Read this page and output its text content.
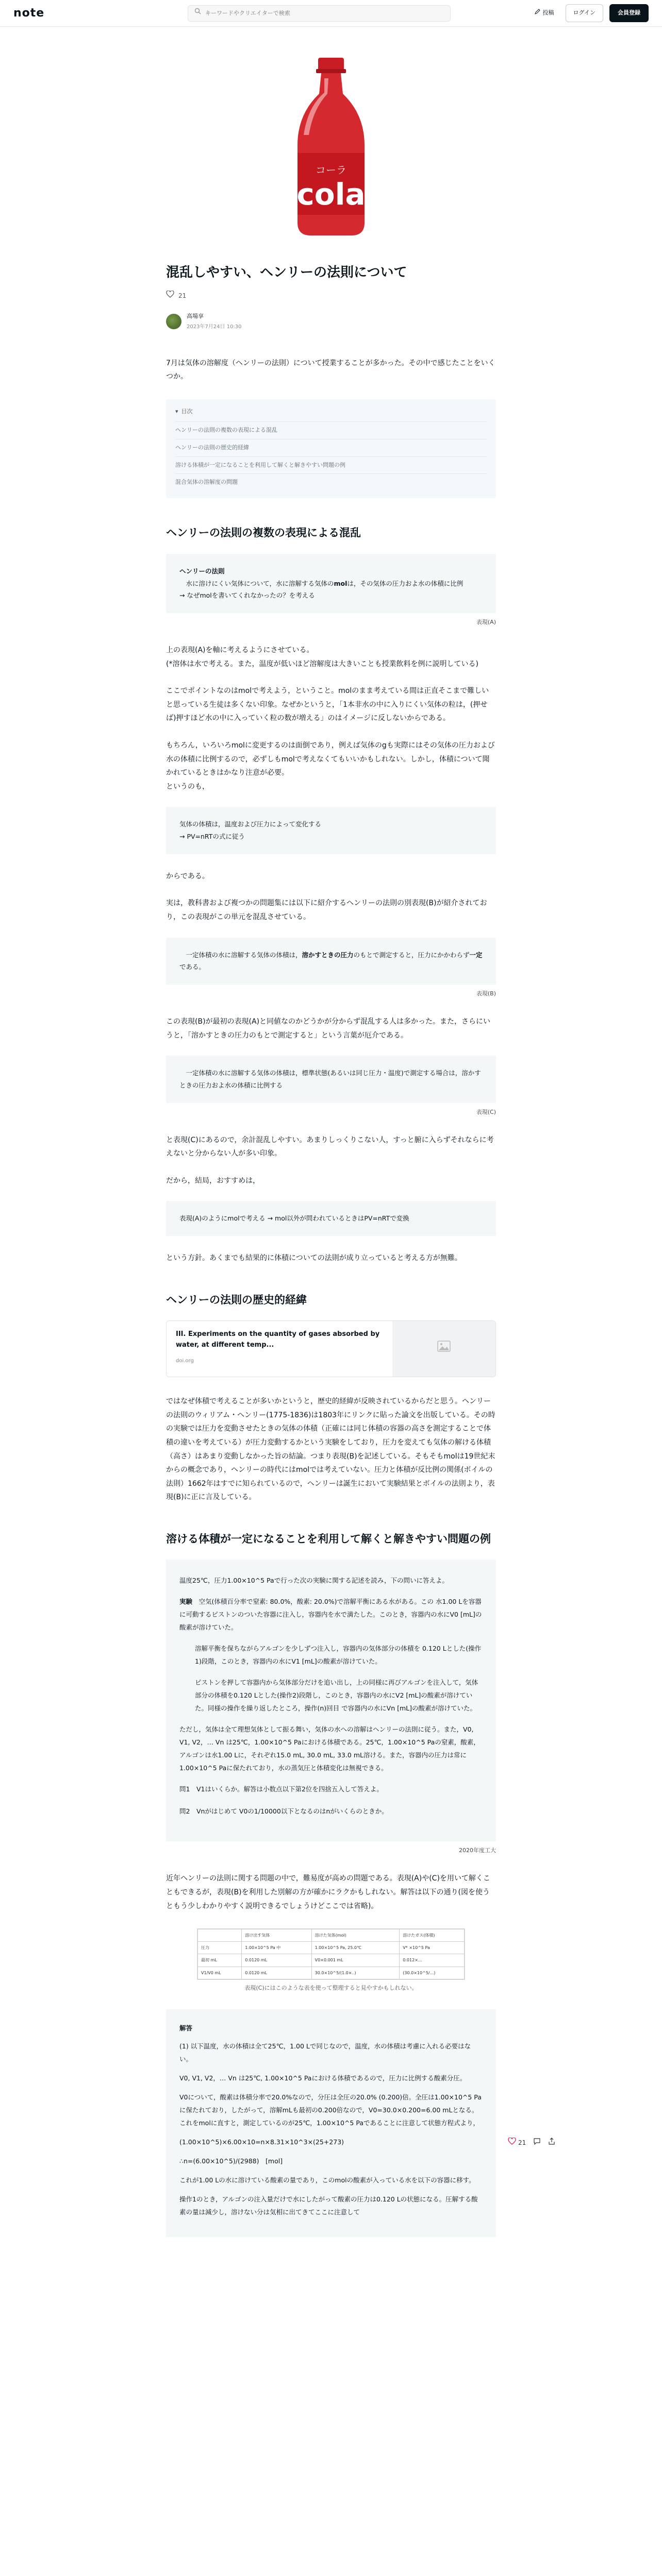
note
キーワードやクリエイターで検索	投稿	ログイン	会員登録
コーラ
cola
混乱しやすい、ヘンリーの法則について
21
高場享
2023年7月24日 10:30

7月は気体の溶解度（ヘンリーの法則）について授業することが多かった。その中で感じたことをいくつか。

▾ 目次
ヘンリーの法則の複数の表現による混乱
ヘンリーの法則の歴史的経緯
溶ける体積が一定になることを利用して解くと解きやすい問題の例
混合気体の溶解度の問題
ヘンリーの法則の複数の表現による混乱
ヘンリーの法則
 水に溶けにくい気体について，水に溶解する気体のmolは，その気体の圧力およ水の体積に比例
→ なぜmolを書いてくれなかったの？を考える
表現(A)

上の表現(A)を軸に考えるようにさせている。
(*溶体は水で考える。また，温度が低いほど溶解度は大きいことも授業飲料を例に説明している)

ここでポイントなのはmolで考えよう，ということ。molのまま考えている間は正直そこまで難しいと思っている生徒は多くない印象。なぜかというと，「1本非水の中に入りにくい気体の粒は，(押せば)押すほど水の中に入っていく粒の数が増える」のはイメージに反しないからである。

もちろん，いろいろmolに変更するのは面倒であり，例えば気体のgも実際にはその気体の圧力および水の体積に比例するので，必ずしもmolで考えなくてもいいかもしれない。しかし，体積について聞かれているときはかなり注意が必要。
というのも，

気体の体積は，温度および圧力によって変化する
→ PV=nRTの式に従う

からである。

実は，教科書および複つかの問題集には以下に紹介するヘンリーの法則の別表現(B)が紹介されており，この表現がこの単元を混乱させている。

 一定体積の水に溶解する気体の体積は，溶かすときの圧力のもとで測定すると，圧力にかかわらず一定である。
表現(B)

この表現(B)が最初の表現(A)と同値なのかどうかが分からず混乱する人は多かった。また，さらにいうと，「溶かすときの圧力のもとで測定すると」という言葉が厄介である。

 一定体積の水に溶解する気体の体積は，標準状態(あるいは同じ圧力・温度)で測定する場合は，溶かすときの圧力およ水の体積に比例する
表現(C)

と表現(C)にあるので，余計混乱しやすい。あまりしっくりこない人，すっと腑に入らずそれならに考えないと分からない人が多い印象。

だから，結局，おすすめは，

表現(A)のようにmolで考える → mol以外が問われているときはPV=nRTで変換

という方針。あくまでも結果的に体積についての法則が成り立っていると考える方が無難。

ヘンリーの法則の歴史的経緯
III. Experiments on the quantity of gases absorbed by water, at different temp...
doi.org

ではなぜ体積で考えることが多いかというと，歴史的経緯が反映されているからだと思う。ヘンリーの法則のウィリアム・ヘンリー(1775-1836)は1803年にリンクに貼った論文を出版している。その時の実験では圧力を変動させたときの気体の体積（正確には同じ体積の容器の高さを測定することで体積の違いを考えている）が圧力変動するかという実験をしており，圧力を変えても気体の解ける体積（高さ）はあまり変動しなかった旨の結論。つまり表現(B)を記述している。そもそもmolは19世紀末からの概念であり，ヘンリーの時代にはmolでは考えていない。圧力と体積が反比例の関係(ボイルの法則）1662年はすでに知られているので，ヘンリーは誕生において実験結果とボイルの法則より，表現(B)に正に言及している。

溶ける体積が一定になることを利用して解くと解きやすい問題の例

温度25℃，圧力1.00×10^5 Paで行った次の実験に関する記述を読み，下の問いに答えよ。

実験  空気(体積百分率で窒素: 80.0%，酸素: 20.0%)で溶解平衡にある水がある。この 水1.00 Lを容器に可動するピストンのついた容器に注入し，容器内を水で満たした。このとき，容器内の水にV0 [mL]の酸素が溶けていた。

溶解平衡を保ちながらアルゴンを少しずつ注入し，容器内の気体部分の体積を 0.120 Lとした(操作1)段階，このとき，容器内の水にV1 [mL]の酸素が溶けていた。

ピストンを押して容器内から気体部分だけを追い出し，上の同様に再びアルゴンを注入して，気体部分の体積を0.120 Lとした(操作2)段階し，このとき，容器内の水にV2 [mL]の酸素が溶けていた。同様の操作を繰り返したところ，操作(n)回目 で容器内の水にVn [mL]の酸素が溶けていた。

ただし，気体は全て理想気体として振る舞い，気体の水への溶解はヘンリーの法則に従う。また，V0, V1, V2，… Vn は25℃，1.00×10^5 Paにおける体積である。25℃，1.00×10^5 Paの窒素，酸素，アルゴンは水1.00 Lに，それぞれ15.0 mL, 30.0 mL, 33.0 mL溶ける。また，容器内の圧力は常に1.00×10^5 Paに保たれており，水の蒸気圧と体積変化は無視できる。

問1  V1はいくらか。解答は小数点以下第2位を四捨五入して答えよ。

問2  Vnがはじめて V0の1/10000以下となるのはnがいくらのときか。

2020年度工大

近年ヘンリーの法則に関する問題の中で，難易度が高めの問題である。表現(A)や(C)を用いて解くこともできるが，表現(B)を利用した別解の方が確かにラクかもしれない。解答は以下の通り(図を使うともう少しわかりやすく説明できるでしょうけどここでは省略)。

	溶け出す気体	溶けた気体(mol)	溶けたガス(体積)
圧力	1.00×10^5 Pa 中	1.00×10^5 Pa, 25.0℃	V* ×10^5 Pa
最初 mL	0.0120 mL	V0×0.001 mL	0.012×...
V1/V0 mL	0.0120 mL	30.0×10^5/(1.0×..)	(30.0×10^5/...)
表現(C)にはこのような表を使って整理すると見やすかもしれない。
解答

(1) 以下温度，水の体積は全て25℃，1.00 Lで同じなので，温度，水の体積は考慮に入れる必要はない。

V0, V1, V2，… Vn は25℃, 1.00×10^5 Paにおける体積であるので，圧力に比例する酸素分圧。

V0について，酸素は体積分率で20.0%なので，分圧は全圧の20.0% (0.200)倍。全圧は1.00×10^5 Paに保たれており，したがって，溶解mLも最初の0.200倍なので，V0=30.0×0.200=6.00 mLとなる。これをmolに直すと，測定しているのが25℃，1.00×10^5 Paであることに注意して状態方程式より，

(1.00×10^5)×6.00×10=n×8.31×10^3×(25+273)

∴n=(6.00×10^5)/(2988)　[mol]

これが1.00 Lの水に溶けている酸素の量であり，このmolの酸素が入っている水を以下の容器に移す。

操作1のとき，アルゴンの注入量だけで水にしたがって酸素の圧力は0.120 Lの状態になる。圧解する酸素の量は減少し，溶けない分は気相に出てきてここに注意して

21
